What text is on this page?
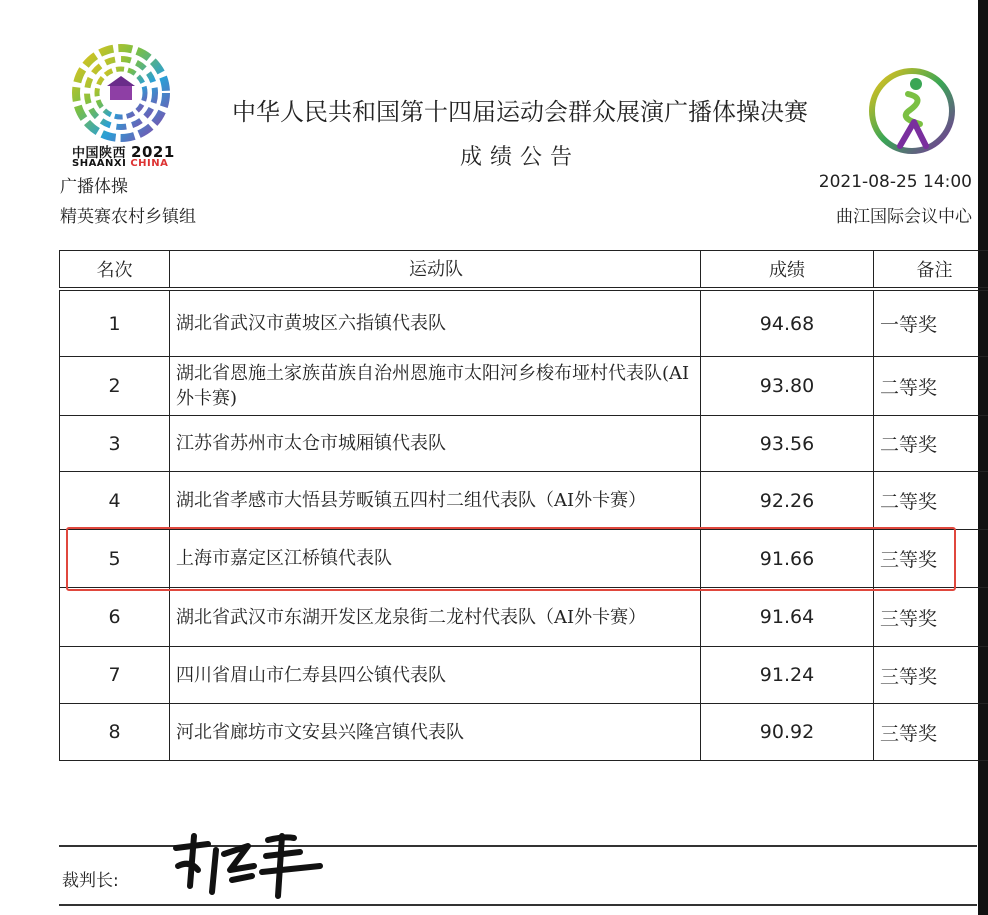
中国陕西 2021
SHAANXI CHINA
中华人民共和国第十四届运动会群众展演广播体操决赛
成绩公告
广播体操
精英赛农村乡镇组
2021-08-25 14:00
曲江国际会议中心
名次	运动队	成绩	备注
1	湖北省武汉市黄坡区六指镇代表队	94.68	一等奖
2	湖北省恩施土家族苗族自治州恩施市太阳河乡梭布垭村代表队(AI外卡赛)	93.80	二等奖
3	江苏省苏州市太仓市城厢镇代表队	93.56	二等奖
4	湖北省孝感市大悟县芳畈镇五四村二组代表队（AI外卡赛）	92.26	二等奖
5	上海市嘉定区江桥镇代表队	91.66	三等奖
6	湖北省武汉市东湖开发区龙泉街二龙村代表队（AI外卡赛）	91.64	三等奖
7	四川省眉山市仁寿县四公镇代表队	91.24	三等奖
8	河北省廊坊市文安县兴隆宫镇代表队	90.92	三等奖
裁判长:
